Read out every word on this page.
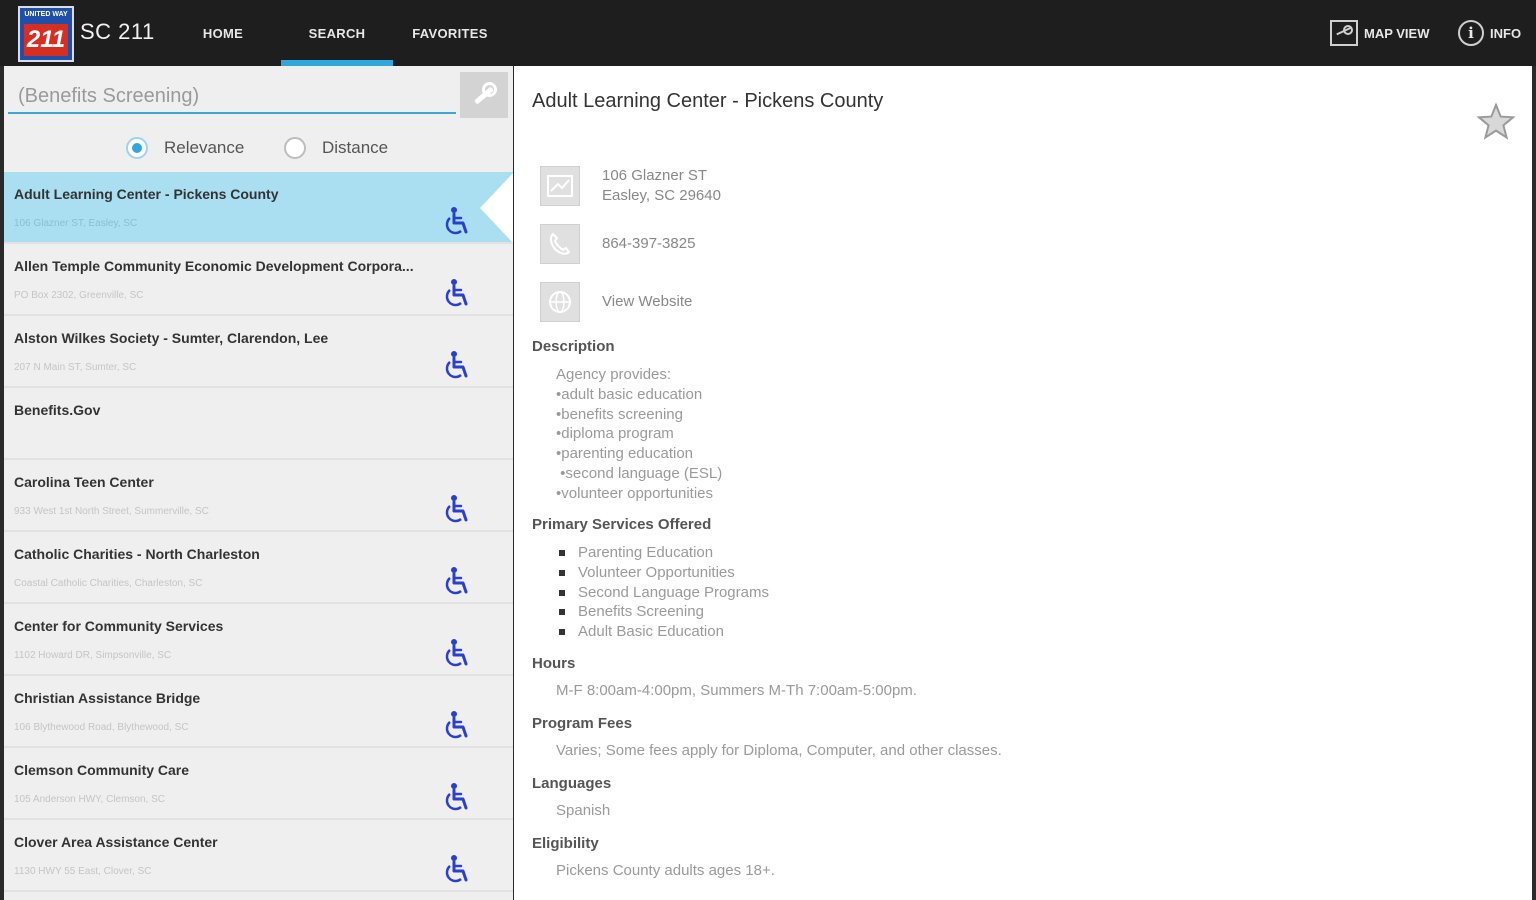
UNITED WAY
211 SC 211	HOME	SEARCH	FAVORITES	MAP VIEW	i	INFO
(Benefits Screening)
Relevance	Distance
Adult Learning Center - Pickens County
106 Glazner ST, Easley, SC
Allen Temple Community Economic Development Corpora...
PO Box 2302, Greenville, SC
Alston Wilkes Society - Sumter, Clarendon, Lee
207 N Main ST, Sumter, SC
Benefits.Gov
Carolina Teen Center
933 West 1st North Street, Summerville, SC
Catholic Charities - North Charleston
Coastal Catholic Charities, Charleston, SC
Center for Community Services
1102 Howard DR, Simpsonville, SC
Christian Assistance Bridge
106 Blythewood Road, Blythewood, SC
Clemson Community Care
105 Anderson HWY, Clemson, SC
Clover Area Assistance Center
1130 HWY 55 East, Clover, SC
Adult Learning Center - Pickens County
106 Glazner ST
Easley, SC 29640
864-397-3825
View Website
Description
Agency provides:
•adult basic education
•benefits screening
•diploma program
•parenting education
•second language (ESL)
•volunteer opportunities
Primary Services Offered
Parenting Education
Volunteer Opportunities
Second Language Programs
Benefits Screening
Adult Basic Education
Hours
M-F 8:00am-4:00pm, Summers M-Th 7:00am-5:00pm.
Program Fees
Varies; Some fees apply for Diploma, Computer, and other classes.
Languages
Spanish
Eligibility
Pickens County adults ages 18+.
